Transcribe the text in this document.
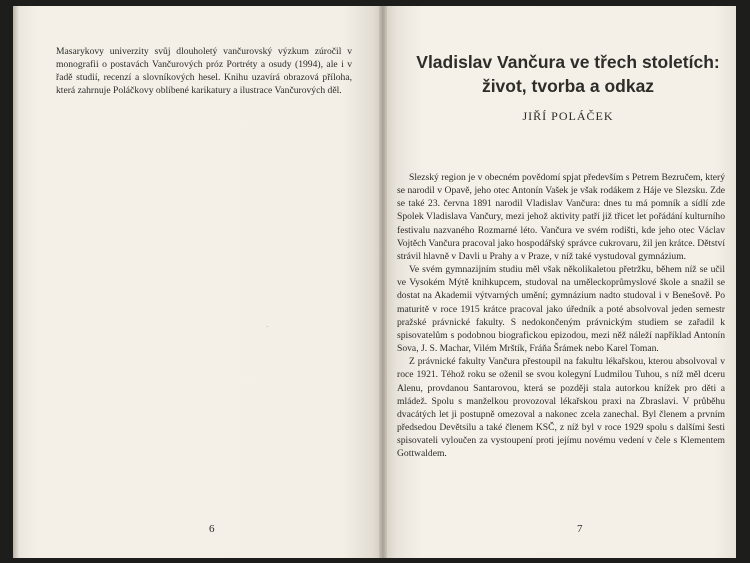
Masarykovy univerzity svůj dlouholetý vančurovský výzkum zúročil v monografii o postavách Vančurových próz Portréty a osudy (1994), ale i v řadě studií, recenzí a slovníkových hesel. Knihu uzavírá obrazová příloha, která zahrnuje Poláčkovy oblíbené karikatury a ilustrace Vančurových děl.

·
6
Vladislav Vančura ve třech stoletích:
život, tvorba a odkaz

JIŘÍ POLÁČEK

Slezský region je v obecném povědomí spjat především s Petrem Bezručem, který se narodil v Opavě, jeho otec Antonín Vašek je však rodákem z Háje ve Slezsku. Zde se také 23. června 1891 narodil Vladislav Vančura: dnes tu má pomník a sídlí zde Spolek Vladislava Vančury, mezi jehož aktivity patří již třicet let pořádání kulturního festivalu nazvaného Rozmarné léto. Vančura ve svém rodišti, kde jeho otec Václav Vojtěch Vančura pracoval jako hospodářský správce cukrovaru, žil jen krátce. Dětství strávil hlavně v Davli u Prahy a v Praze, v níž také vystudoval gymnázium.

Ve svém gymnazijním studiu měl však několikaletou přetržku, během níž se učil ve Vysokém Mýtě knihkupcem, studoval na uměleckoprůmyslové škole a snažil se dostat na Akademii výtvarných umění; gymnázium nadto studoval i v Benešově. Po maturitě v roce 1915 krátce pracoval jako úředník a poté absolvoval jeden semestr pražské právnické fakulty. S nedokončeným právnickým studiem se zařadil k spisovatelům s podobnou biografickou epizodou, mezi něž náleží například Antonín Sova, J. S. Machar, Vilém Mrštík, Fráňa Šrámek nebo Karel Toman.

Z právnické fakulty Vančura přestoupil na fakultu lékařskou, kterou absolvoval v roce 1921. Téhož roku se oženil se svou kolegyní Ludmilou Tuhou, s níž měl dceru Alenu, provdanou Santarovou, která se později stala autorkou knížek pro děti a mládež. Spolu s manželkou provozoval lékařskou praxi na Zbraslavi. V průběhu dvacátých let ji postupně omezoval a nakonec zcela zanechal. Byl členem a prvním předsedou Devětsilu a také členem KSČ, z níž byl v roce 1929 spolu s dalšími šesti spisovateli vyloučen za vystoupení proti jejímu novému vedení v čele s Klementem Gottwaldem.

7
